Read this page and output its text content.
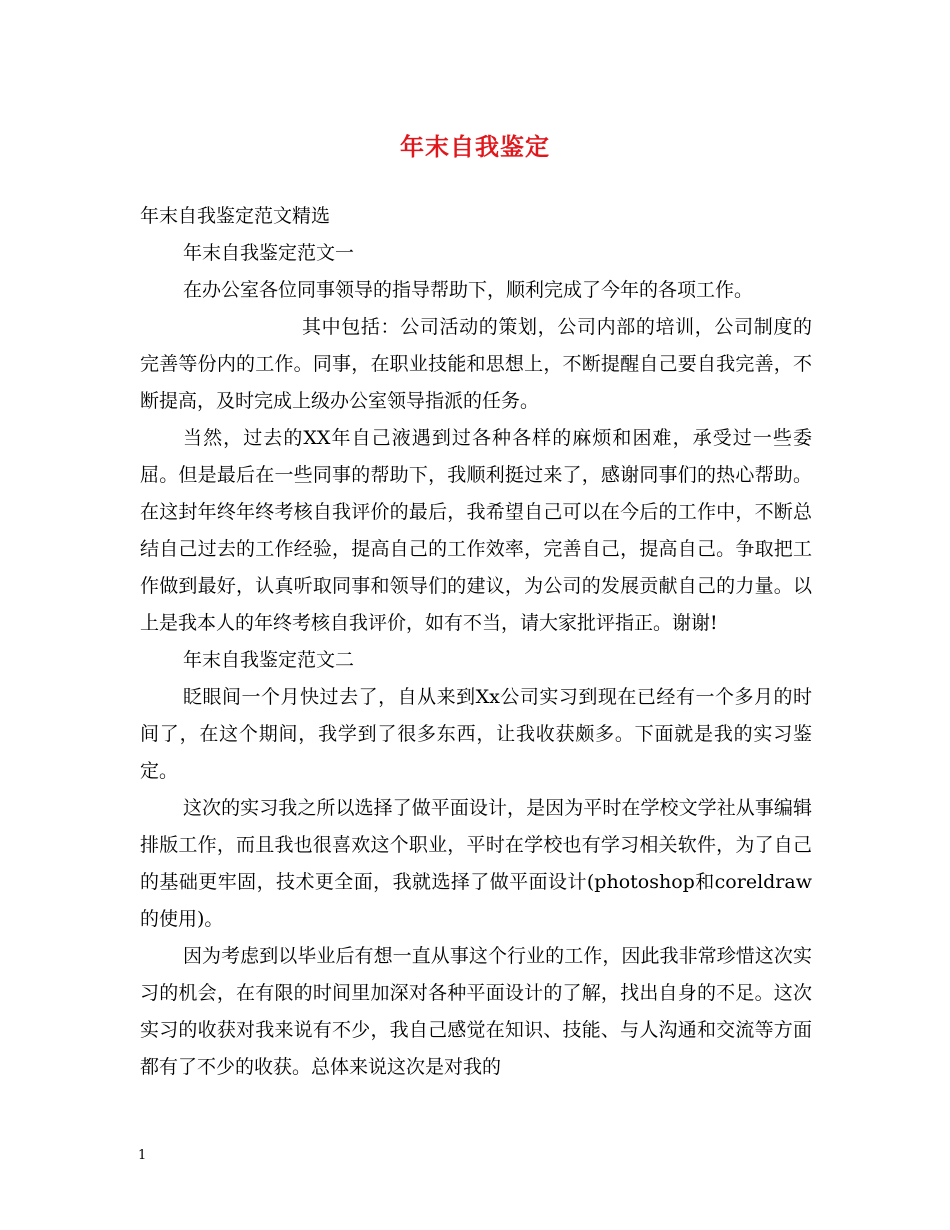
年末自我鉴定

年末自我鉴定范文精选

年末自我鉴定范文一

在办公室各位同事领导的指导帮助下，顺利完成了今年的各项工作。

其中包括：公司活动的策划，公司内部的培训，公司制度的完善等份内的工作。同事，在职业技能和思想上，不断提醒自己要自我完善，不断提高，及时完成上级办公室领导指派的任务。

当然，过去的XX年自己液遇到过各种各样的麻烦和困难，承受过一些委屈。但是最后在一些同事的帮助下，我顺利挺过来了，感谢同事们的热心帮助。在这封年终年终考核自我评价的最后，我希望自己可以在今后的工作中，不断总结自己过去的工作经验，提高自己的工作效率，完善自己，提高自己。争取把工作做到最好，认真听取同事和领导们的建议，为公司的发展贡献自己的力量。以上是我本人的年终考核自我评价，如有不当，请大家批评指正。谢谢!

年末自我鉴定范文二

眨眼间一个月快过去了，自从来到Xx公司实习到现在已经有一个多月的时间了，在这个期间，我学到了很多东西，让我收获颇多。下面就是我的实习鉴定。

这次的实习我之所以选择了做平面设计，是因为平时在学校文学社从事编辑排版工作，而且我也很喜欢这个职业，平时在学校也有学习相关软件，为了自己的基础更牢固，技术更全面，我就选择了做平面设计(photoshop和coreldraw的使用)。

因为考虑到以毕业后有想一直从事这个行业的工作，因此我非常珍惜这次实习的机会，在有限的时间里加深对各种平面设计的了解，找出自身的不足。这次实习的收获对我来说有不少，我自己感觉在知识、技能、与人沟通和交流等方面都有了不少的收获。总体来说这次是对我的

1
